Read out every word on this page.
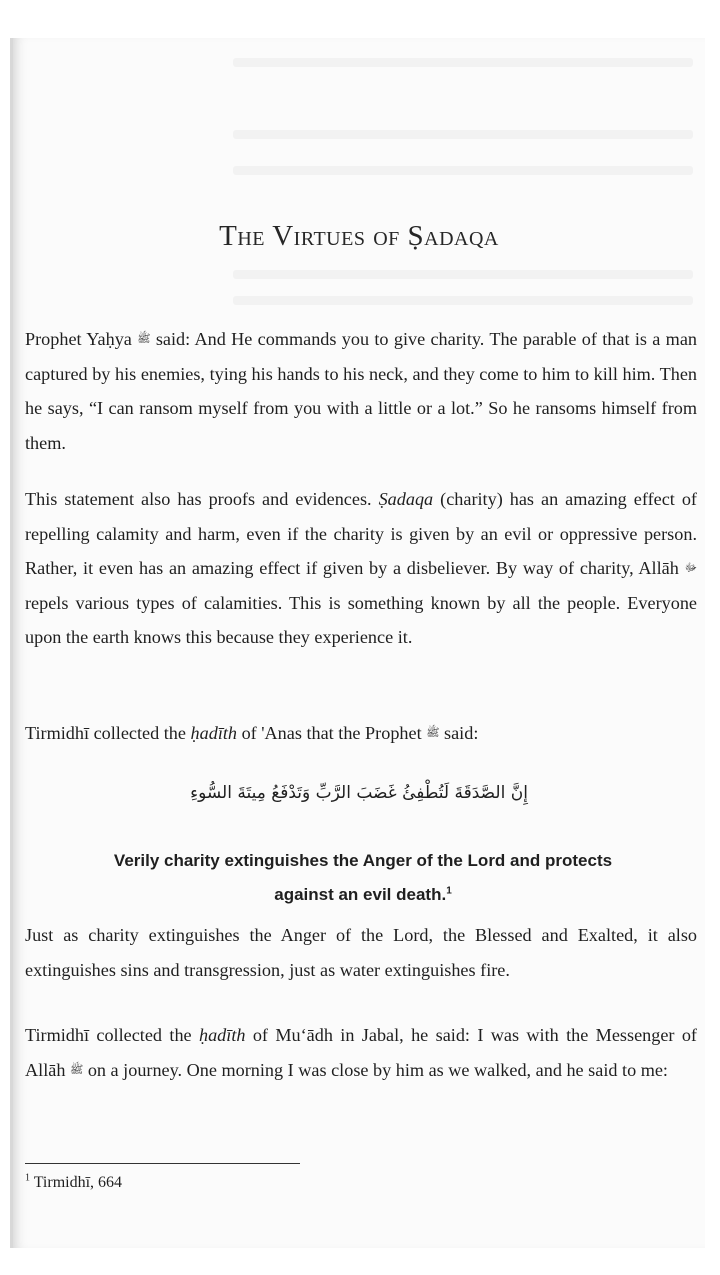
The Virtues of Ṣadaqa

Prophet Yaḥya ﷺ said: And He commands you to give charity. The parable of that is a man captured by his enemies, tying his hands to his neck, and they come to him to kill him. Then he says, “I can ransom myself from you with a little or a lot.” So he ransoms himself from them.

This statement also has proofs and evidences. Ṣadaqa (charity) has an amazing effect of repelling calamity and harm, even if the charity is given by an evil or oppressive person. Rather, it even has an amazing effect if given by a disbeliever. By way of charity, Allāh ﷻ repels various types of calamities. This is something known by all the people. Everyone upon the earth knows this because they experience it.

Tirmidhī collected the ḥadīth of 'Anas that the Prophet ﷺ said:

إِنَّ الصَّدَقَةَ لَتُطْفِئُ غَضَبَ الرَّبِّ وَتَدْفَعُ مِيتَةَ السُّوءِ

Verily charity extinguishes the Anger of the Lord and protects against an evil death.$^1$

Just as charity extinguishes the Anger of the Lord, the Blessed and Exalted, it also extinguishes sins and transgression, just as water extinguishes fire.

Tirmidhī collected the ḥadīth of Mu‘ādh in Jabal, he said: I was with the Messenger of Allāh ﷺ on a journey. One morning I was close by him as we walked, and he said to me:

$^1$ Tirmidhī, 664
